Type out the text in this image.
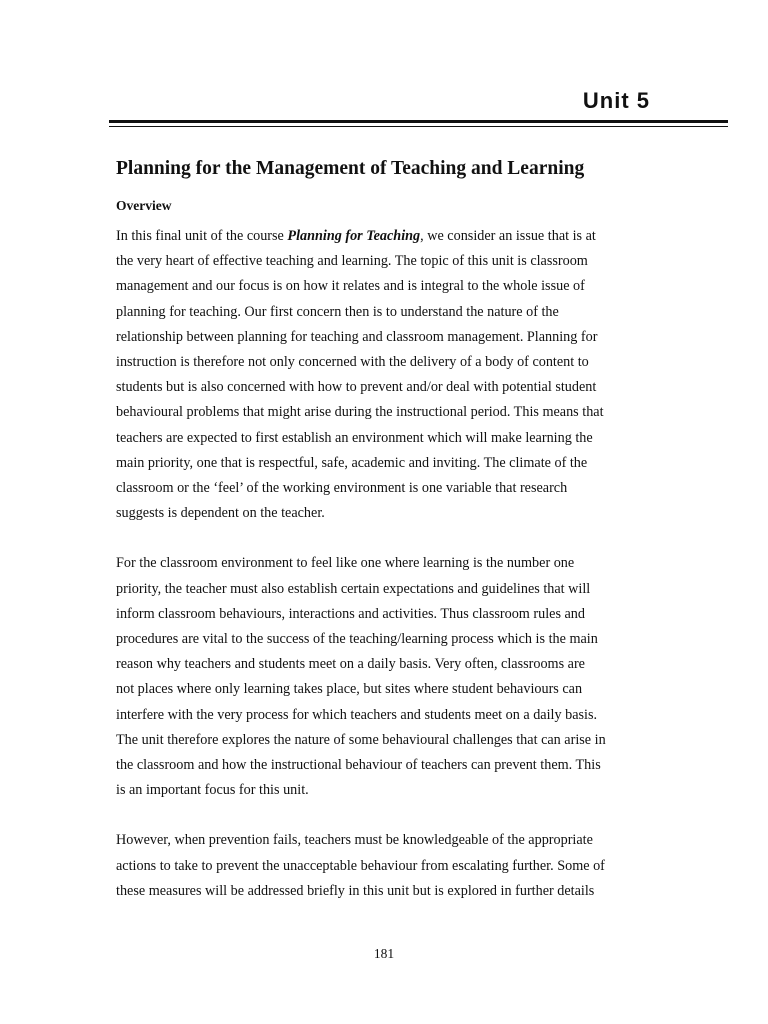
Unit 5
Planning for the Management of Teaching and Learning
Overview

In this final unit of the course Planning for Teaching, we consider an issue that is at
the very heart of effective teaching and learning. The topic of this unit is classroom
management and our focus is on how it relates and is integral to the whole issue of
planning for teaching. Our first concern then is to understand the nature of the
relationship between planning for teaching and classroom management. Planning for
instruction is therefore not only concerned with the delivery of a body of content to
students but is also concerned with how to prevent and/or deal with potential student
behavioural problems that might arise during the instructional period. This means that
teachers are expected to first establish an environment which will make learning the
main priority, one that is respectful, safe, academic and inviting. The climate of the
classroom or the ‘feel’ of the working environment is one variable that research
suggests is dependent on the teacher.

For the classroom environment to feel like one where learning is the number one
priority, the teacher must also establish certain expectations and guidelines that will
inform classroom behaviours, interactions and activities. Thus classroom rules and
procedures are vital to the success of the teaching/learning process which is the main
reason why teachers and students meet on a daily basis. Very often, classrooms are
not places where only learning takes place, but sites where student behaviours can
interfere with the very process for which teachers and students meet on a daily basis.
The unit therefore explores the nature of some behavioural challenges that can arise in
the classroom and how the instructional behaviour of teachers can prevent them. This
is an important focus for this unit.

However, when prevention fails, teachers must be knowledgeable of the appropriate
actions to take to prevent the unacceptable behaviour from escalating further. Some of
these measures will be addressed briefly in this unit but is explored in further details

181
